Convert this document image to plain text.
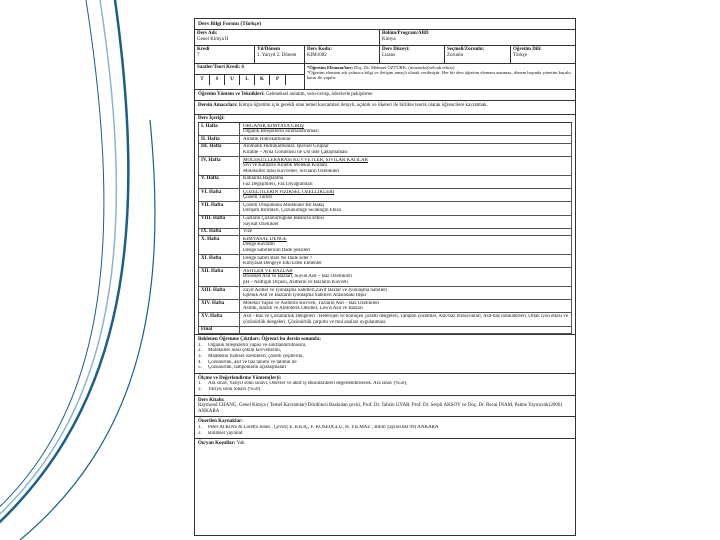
Ders Bilgi Formu (Türkçe)
Ders Adı:
Genel Kimya II
Bölüm/Program/ABD
Kimya
Kredi
7
Yıl/Dönem
1. Yarıyıl 2. Dönem
Ders Kodu:
KIM1002
Ders Düzeyi:
Lisans
Seçmeli/Zorunlu:
Zorunlu
Öğretim Dili:
Türkçe
Saatler/Teori Kredi: 6
T	S	U	L	K	P
*Öğretim Elemanı/ları: Doç. Dr. Mehmet ÖZTÜRK, (mozturk@selcuk.edu.tr)
*Öğretim elemanı adı yalnızca bilgi ve iletişim amaçlı olarak verilmiştir. Her bir ders öğretim elemanı atanmaz, dönem başında yönetim kurulu karar ile yapılır.
Öğretim Yöntem ve Teknikleri: Geleneksel anlatım, soru-cevap, ödevlerle pekiştirme
Dersin Amacı/ları: Kimya öğretimi için gerekli olan temel kavramları detaylı, açıklık ve ilkeleri ile birlikte teorik olarak öğrencilere kavratmak.
Ders İçeriği:
I. Hafta	ORGANİK KİMYAYA GİRİŞ
Organik Bileşiklerin Sınıflandırılması
II. Hafta	Alifatik Hidrokarbonlar
III. Hafta	Aromatik Hidrokarbonlar, İşlevsel Gruplar
Kiralite – Ayna Görüntüsü ile Üst üste Çakışmaması
IV. Hafta	MOLEKÜLLERARASI KUVVETLER, SIVILAR KATILAR
Sıvı ve Katıların Kinetik Molekül Kuramı
Moleküller arası Kuvvetler, Sıvıların Özellikleri
V. Hafta	Katılarda Bağlanma
Faz Değişimleri, Faz Diyagramları
VI. Hafta	ÇÖZELTİLERİN FİZİKSEL ÖZELLİKLERİ
Çözelti Türleri
VII. Hafta	Çözelti Oluşumunu Moleküler Bir Bakış
Derişim Birimleri, Çözünürlüğe Sıcaklığın Etkisi
VIII. Hafta	Gazların Çözünürlüğüne Basıncın Etkisi
Sayısal Özellikler
IX. Hafta	Vize
X. Hafta	KİMYASAL DENGE
Denge Kavramı
Denge Sabitlerinin İfade Şekilleri
XI. Hafta	Denge Sabiti Bize Ne İfade Eder ?
Kimyasal Dengeye Etki Eden Etmenler
XII. Hafta	ASİTLER VE BAZLAR
Bronsted Asit ve Bazları, Suyun Asit – Baz Özellikleri
pH – Asitliğin Ölçüsü, Asitlerin ve Bazların Kuvveti
XIII. Hafta	Zayıf Asitler ve İyonlaşma Sabitleri,Zayıf Bazlar ve İyonlaşma Sabitleri
Eşlenik Asit ve Bazların İyonlaşma Sabitleri Arasındaki İlişki
XIV. Hafta	Molekül Yapısı ve Asitlerin Kuvveti, Tuzların Asit – Baz Özellikleri
Asitlik, Bazlık ve Amfoterik Oksitler, Lewis Asit ve Bazları
XV. Hafta	Asit - Baz ve Çözünürlük Dengeleri : Heterojen ve homojen çözelti dengeleri, Tampon çözeltiler, Asit-baz titrasyonları, Asit-baz indikatörleri, Ortak iyon etkisi ve çözünürlük dengeleri, Çözünürlük çarpımı ve mol analize uygulanması.
Final
Beklenen Öğrenme Çıktıları: Öğrenci bu dersin sonunda;
1. Organik bileşiklerin yapısı ve sınıflandırılmasını,
2. Moleküller arası çekim kuvvetlerini,
3. Maddenin fiziksel özellikleri, çözelti çeşitlerini,
4. Çözünürlük, asit ve baz tanımı ve tahmin ile
5. Çözünürlük, tamponların açıklaşmaları
Ölçme ve Değerlendirme Yöntem(ler)i:
1. Ara sınav, Yarıyıl sonu sınavı, Ödevler ve aktif iş etkinliklikleri değerlendirilecek. Ara sınav (%50),
2. Yarıyıl sonu Sınavı (%50)
Ders Kitabı:
Raymond CHANG, Genel Kimya ( Temel Kavramlar) Dördüncü Baskıdan çeviri, Prof. Dr. Tahsin UYAR, Prof. Dr. Serpil AKSOY ve Doç. Dr. Recai İNAM, Palme Yayıncılık(2006) ANKARA
Önerilen Kaynaklar:
1. Peter ATKINS & Loretta Jones , Çeviri( E. KILIÇ, F. KÖSEOĞLU, H. YILMAZ , Bilim yayıncılıkt 99) ANKARA
2. Bilimsel yayınlar
Ön/yan Koşullar: Yok
